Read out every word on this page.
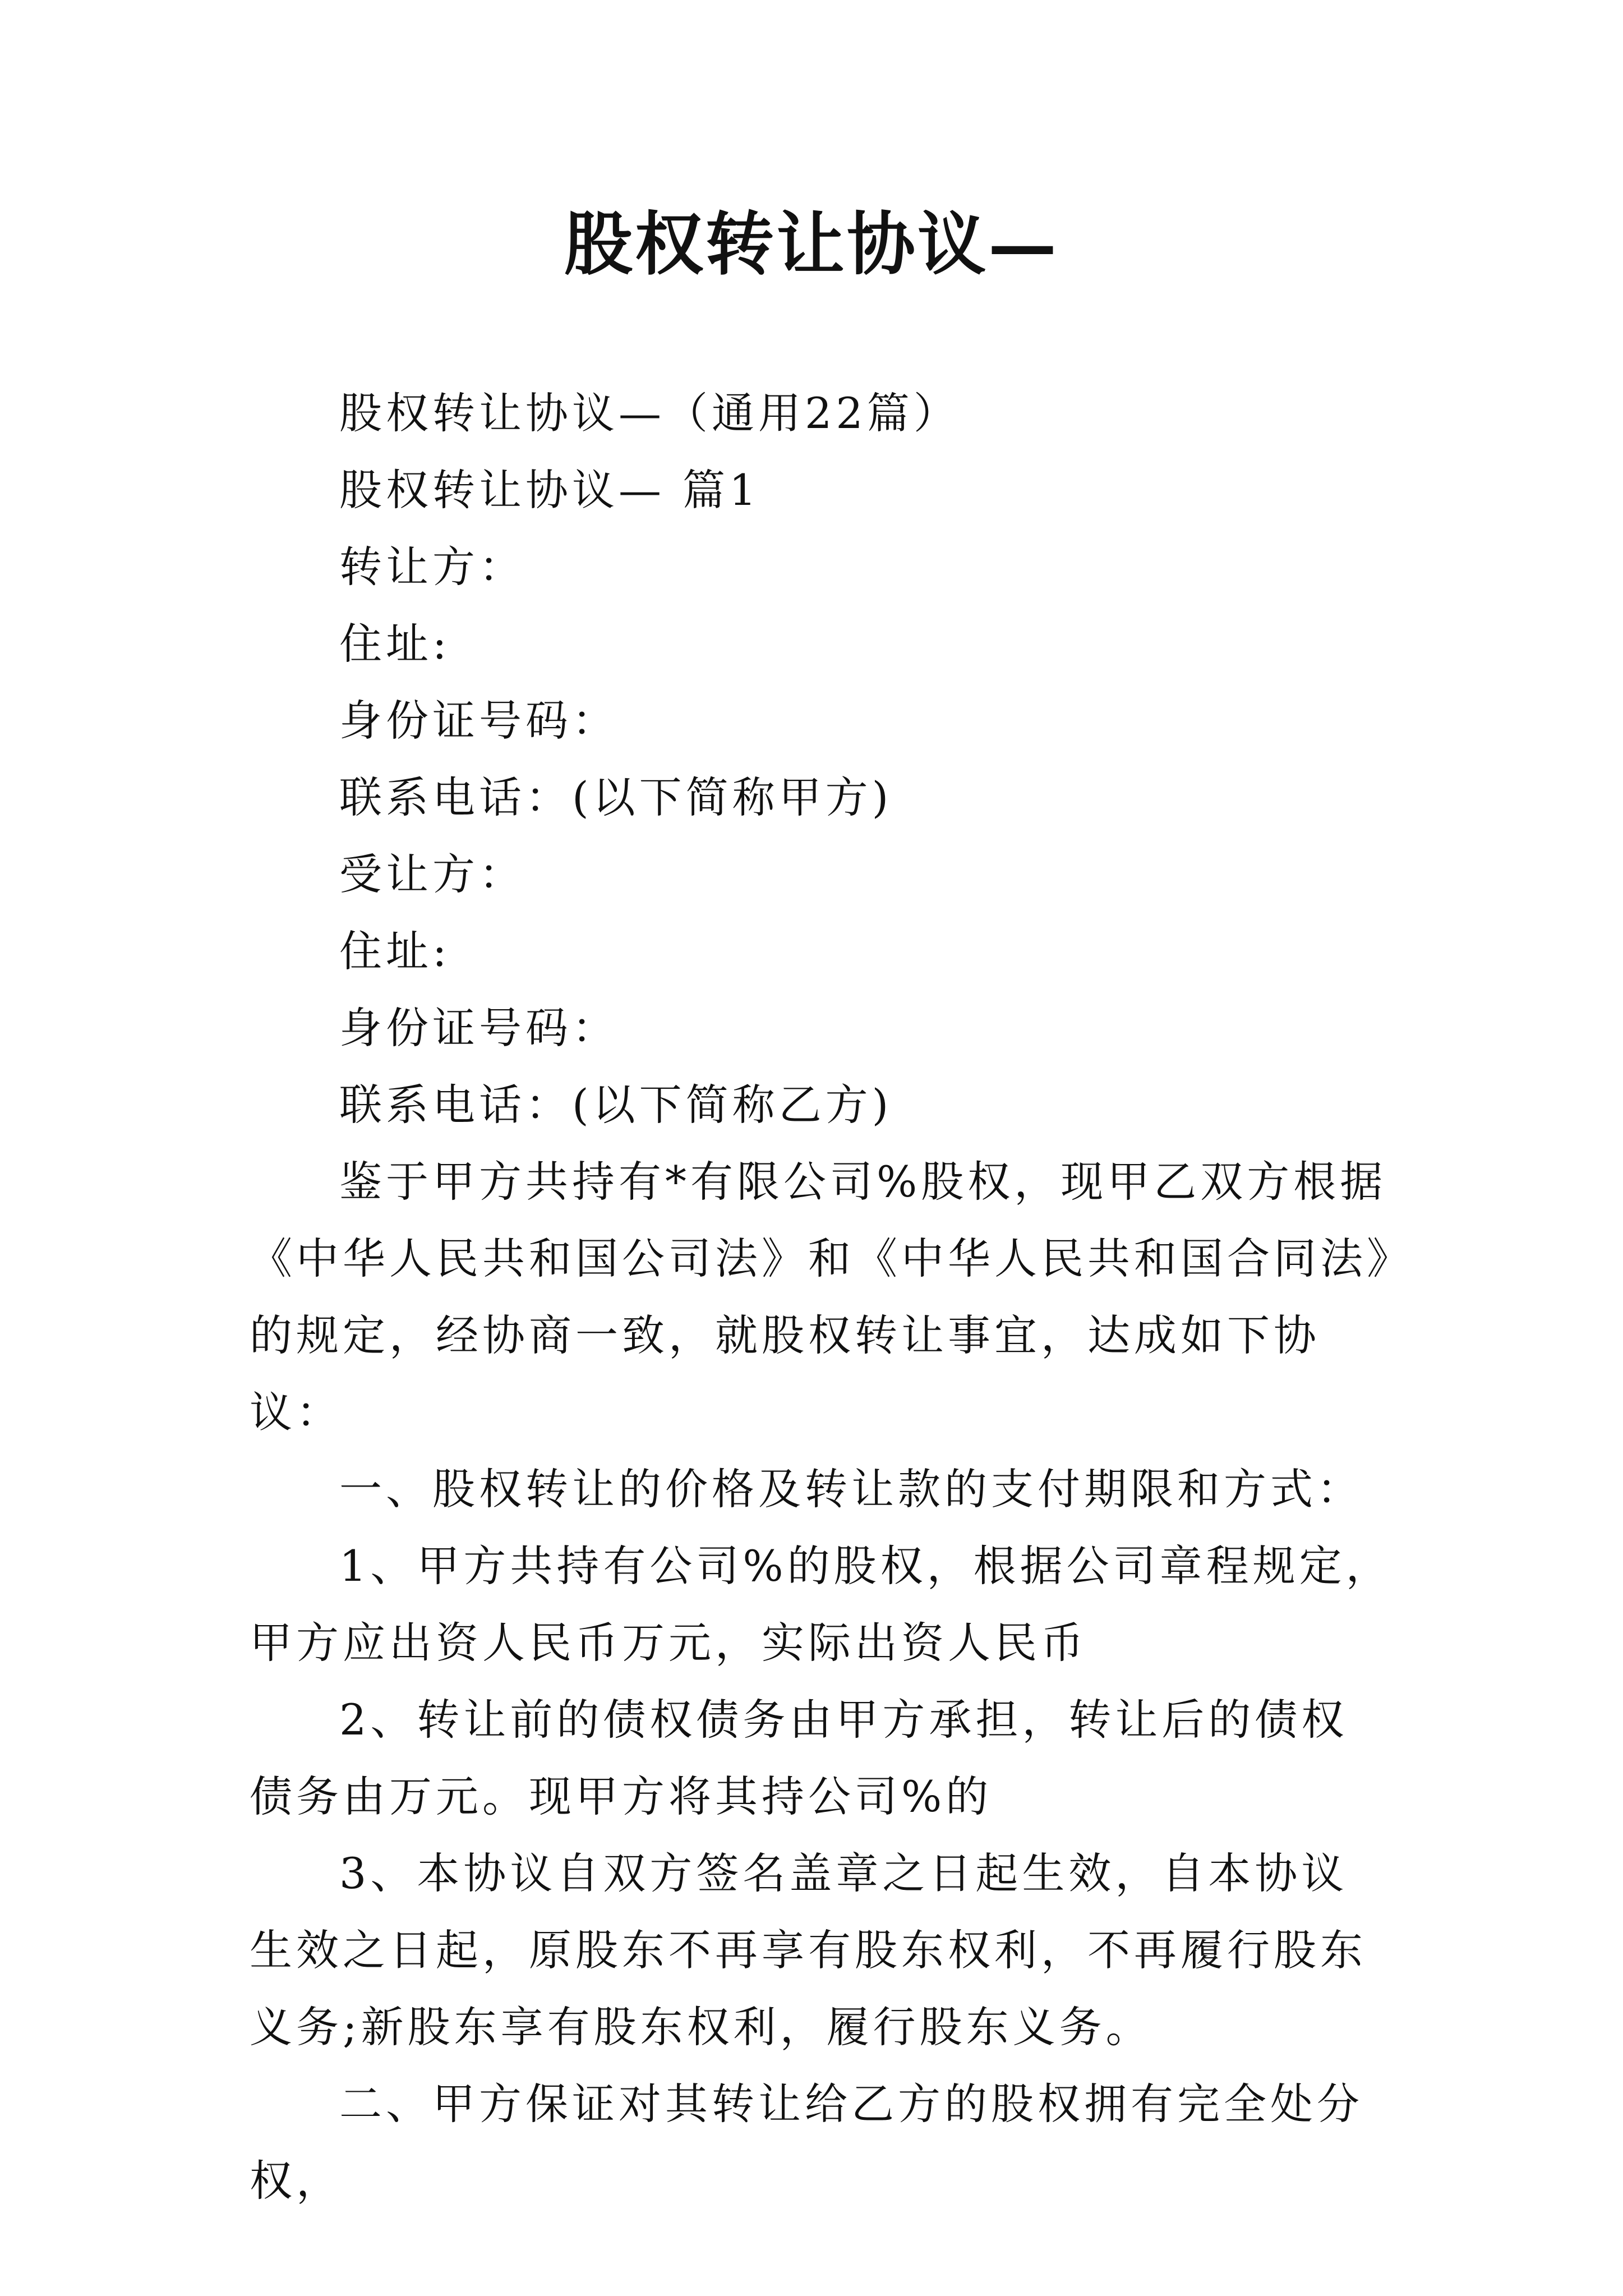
股权转让协议—

股权转让协议—（通用22篇）

股权转让协议— 篇1

转让方：

住址:

身份证号码：

联系电话：(以下简称甲方)

受让方：

住址:

身份证号码：

联系电话：(以下简称乙方)

鉴于甲方共持有*有限公司%股权，现甲乙双方根据《中华人民共和国公司法》和《中华人民共和国合同法》的规定，经协商一致，就股权转让事宜，达成如下协议：

一、股权转让的价格及转让款的支付期限和方式：

1、甲方共持有公司%的股权，根据公司章程规定，甲方应出资人民币万元，实际出资人民币

2、转让前的债权债务由甲方承担，转让后的债权债务由万元。现甲方将其持公司%的

3、本协议自双方签名盖章之日起生效，自本协议生效之日起，原股东不再享有股东权利，不再履行股东义务;新股东享有股东权利，履行股东义务。

二、甲方保证对其转让给乙方的股权拥有完全处分权，
